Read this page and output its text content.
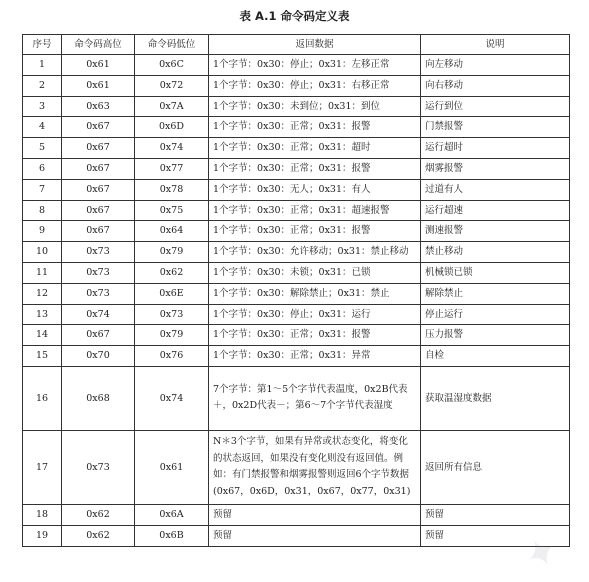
表 A.1 命令码定义表
序号	命令码高位	命令码低位	返回数据	说明
1	0x61	0x6C	1个字节：0x30：停止；0x31：左移正常	向左移动
2	0x61	0x72	1个字节：0x30：停止；0x31：右移正常	向右移动
3	0x63	0x7A	1个字节：0x30：未到位；0x31：到位	运行到位
4	0x67	0x6D	1个字节：0x30：正常；0x31：报警	门禁报警
5	0x67	0x74	1个字节：0x30：正常；0x31：超时	运行超时
6	0x67	0x77	1个字节：0x30：正常；0x31：报警	烟雾报警
7	0x67	0x78	1个字节：0x30：无人；0x31：有人	过道有人
8	0x67	0x75	1个字节：0x30：正常；0x31：超速报警	运行超速
9	0x67	0x64	1个字节：0x30：正常；0x31：报警	测速报警
10	0x73	0x79	1个字节：0x30：允许移动；0x31：禁止移动	禁止移动
11	0x73	0x62	1个字节：0x30：未锁；0x31：已锁	机械锁已锁
12	0x73	0x6E	1个字节：0x30：解除禁止；0x31：禁止	解除禁止
13	0x74	0x73	1个字节：0x30：停止；0x31：运行	停止运行
14	0x67	0x79	1个字节：0x30：正常；0x31：报警	压力报警
15	0x70	0x76	1个字节：0x30：正常；0x31：异常	自检
16	0x68	0x74	7个字节：第1～5个字节代表温度，0x2B代表＋，0x2D代表－；第6～7个字节代表湿度	获取温湿度数据
17	0x73	0x61	N＊3个字节，如果有异常或状态变化，将变化的状态返回，如果没有变化则没有返回值。例如：有门禁报警和烟雾报警则返回6个字节数据(0x67，0x6D，0x31，0x67，0x77，0x31)	返回所有信息
18	0x62	0x6A	预留	预留
19	0x62	0x6B	预留	预留 ✦
